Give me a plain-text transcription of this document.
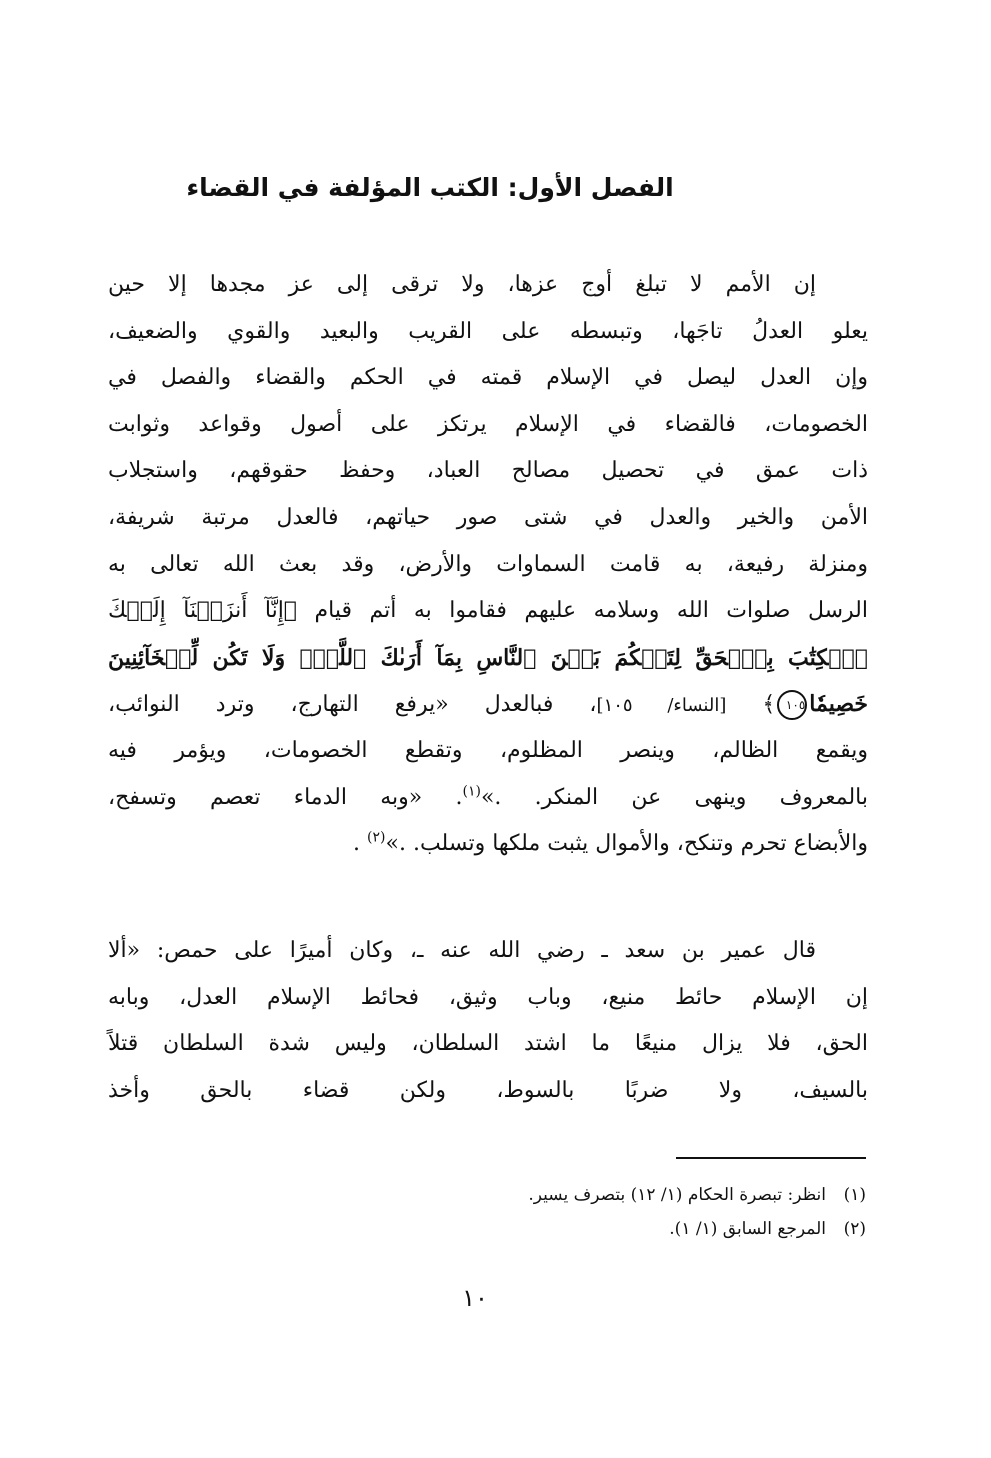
الفصل الأول: الكتب المؤلفة في القضاء
إن الأمم لا تبلغ أوج عزها، ولا ترقى إلى عز مجدها إلا حين
يعلو العدلُ تاجَها، وتبسطه على القريب والبعيد والقوي والضعيف،
وإن العدل ليصل في الإسلام قمته في الحكم والقضاء والفصل في
الخصومات، فالقضاء في الإسلام يرتكز على أصول وقواعد وثوابت
ذات عمق في تحصيل مصالح العباد، وحفظ حقوقهم، واستجلاب
الأمن والخير والعدل في شتى صور حياتهم، فالعدل مرتبة شريفة،
ومنزلة رفيعة، به قامت السماوات والأرض، وقد بعث الله تعالى به
الرسل صلوات الله وسلامه عليهم فقاموا به أتم قيام ﴿إِنَّآ أَنزَلۡنَآ إِلَيۡكَ
ٱلۡكِتَٰبَ بِٱلۡحَقِّ لِتَحۡكُمَ بَيۡنَ ٱلنَّاسِ بِمَآ أَرَىٰكَ ٱللَّهُۚ وَلَا تَكُن لِّلۡخَآئِنِينَ
خَصِيمٗا١٠٥﴾ [النساء/ ١٠٥]، فبالعدل «يرفع التهارج، وترد النوائب،
ويقمع الظالم، وينصر المظلوم، وتقطع الخصومات، ويؤمر فيه
بالمعروف وينهى عن المنكر. .»$^{(١)}$. «وبه الدماء تعصم وتسفح،
والأبضاع تحرم وتنكح، والأموال يثبت ملكها وتسلب. .»$^{(٢)}$ .
قال عمير بن سعد ـ رضي الله عنه ـ، وكان أميرًا على حمص: «ألا
إن الإسلام حائط منيع، وباب وثيق، فحائط الإسلام العدل، وبابه
الحق، فلا يزال منيعًا ما اشتد السلطان، وليس شدة السلطان قتلاً
بالسيف، ولا ضربًا بالسوط، ولكن قضاء بالحق وأخذ
(١)انظر: تبصرة الحكام (١/ ١٢) بتصرف يسير.
(٢)المرجع السابق (١/ ١).
١٠
